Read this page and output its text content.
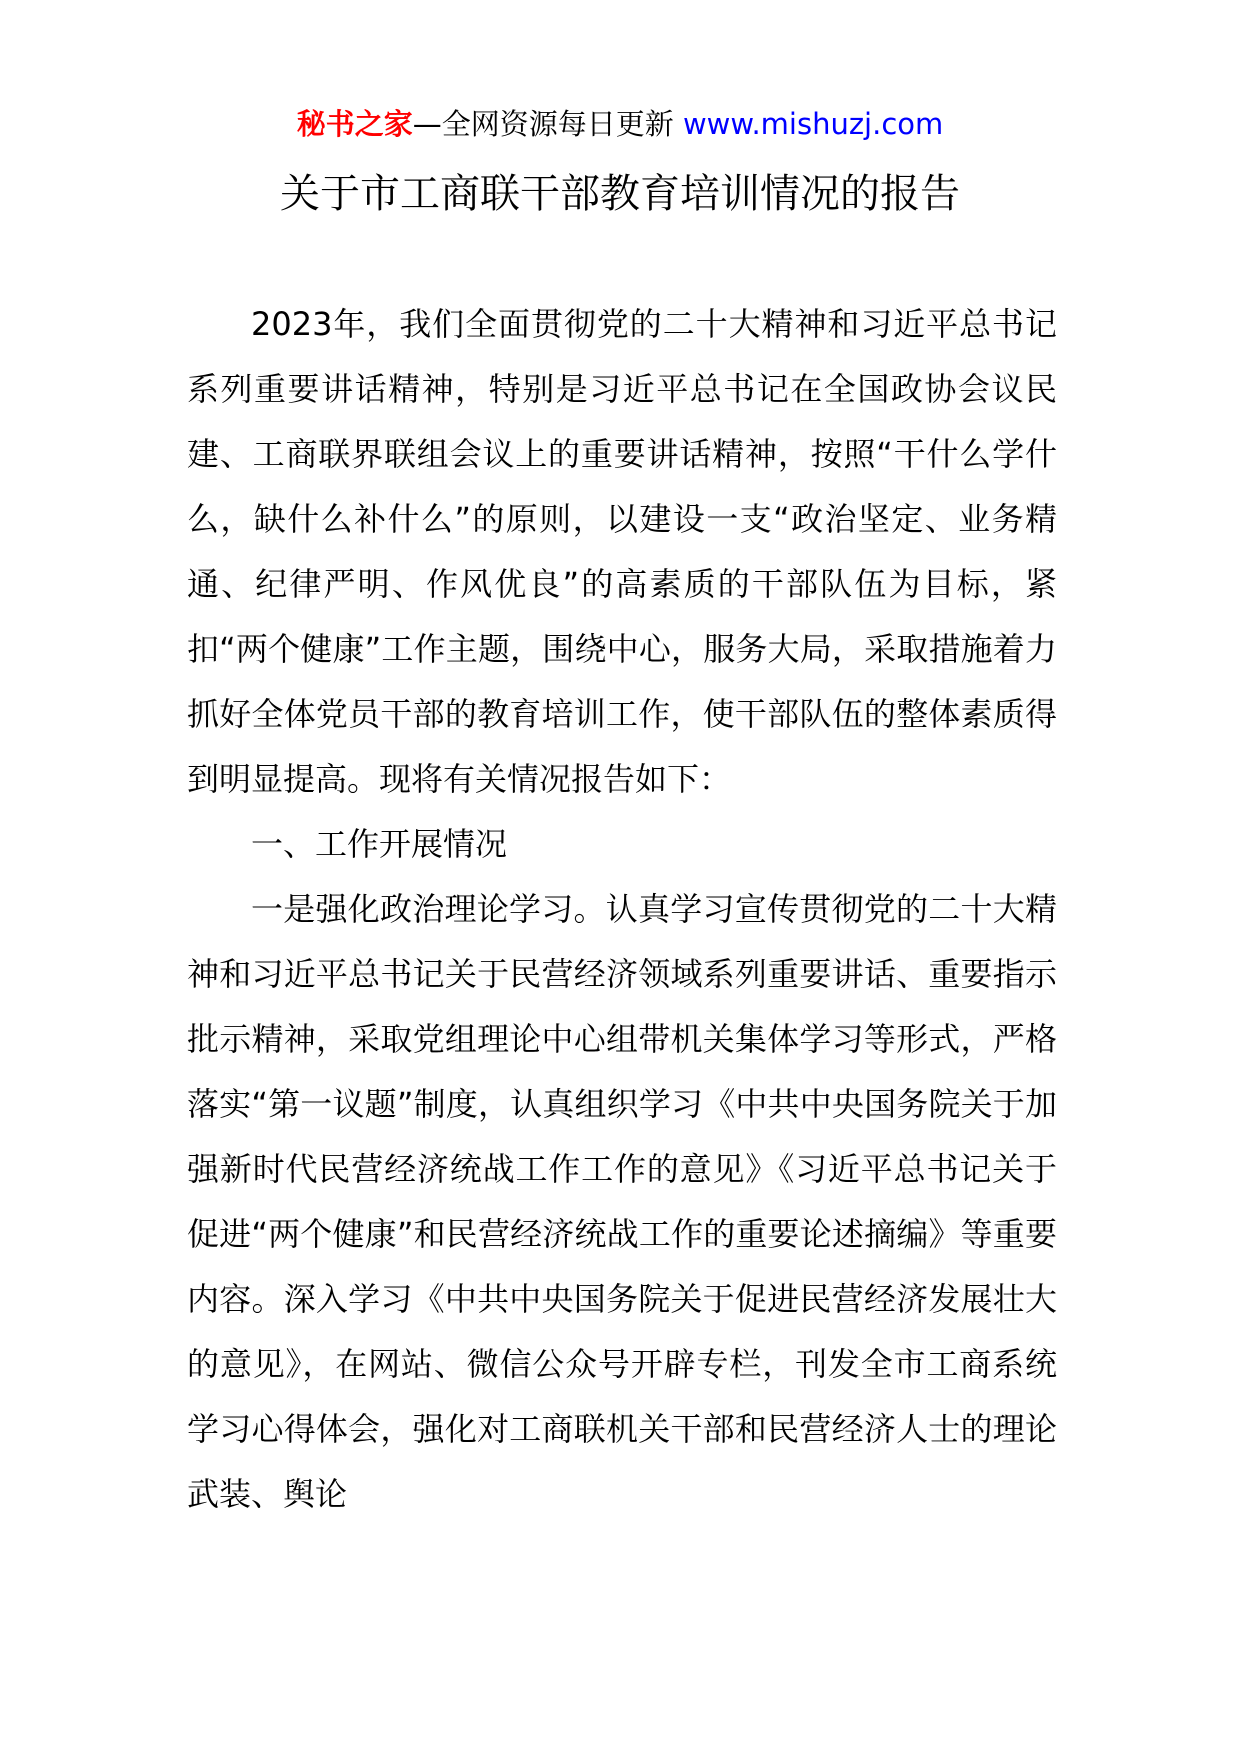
秘书之家—全网资源每日更新 www.mishuzj.com
关于市工商联干部教育培训情况的报告

2023年，我们全面贯彻党的二十大精神和习近平总书记系列重要讲话精神，特别是习近平总书记在全国政协会议民建、工商联界联组会议上的重要讲话精神，按照“干什么学什么，缺什么补什么”的原则，以建设一支“政治坚定、业务精通、纪律严明、作风优良”的高素质的干部队伍为目标，紧扣“两个健康”工作主题，围绕中心，服务大局，采取措施着力抓好全体党员干部的教育培训工作，使干部队伍的整体素质得到明显提高。现将有关情况报告如下：

一、工作开展情况

一是强化政治理论学习。认真学习宣传贯彻党的二十大精神和习近平总书记关于民营经济领域系列重要讲话、重要指示批示精神，采取党组理论中心组带机关集体学习等形式，严格落实“第一议题”制度，认真组织学习《中共中央国务院关于加强新时代民营经济统战工作工作的意见》《习近平总书记关于促进“两个健康”和民营经济统战工作的重要论述摘编》等重要内容。深入学习《中共中央国务院关于促进民营经济发展壮大的意见》，在网站、微信公众号开辟专栏，刊发全市工商系统学习心得体会，强化对工商联机关干部和民营经济人士的理论武装、舆论
